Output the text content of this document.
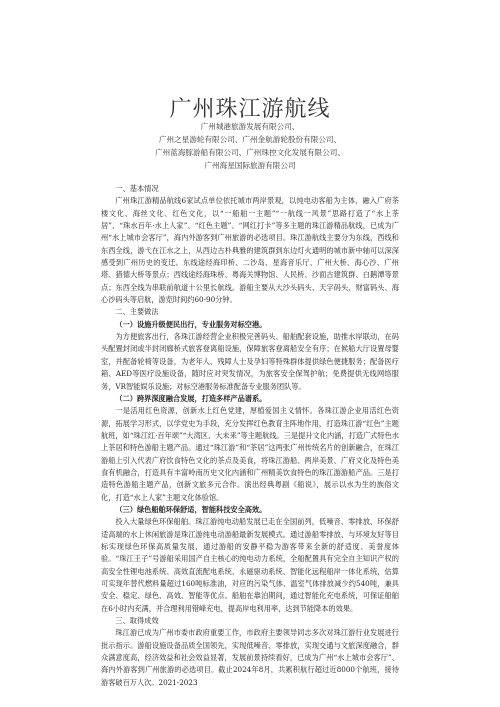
广州珠江游航线
广州城港旅游发展有限公司、
广州之星游轮有限公司、广州金航游轮股份有限公司、
广州蓝海豚游船有限公司、广州珠控文化发展有限公司、
广州海星国际旅游有限公司
一、基本情况

广州珠江游精品航线6家试点单位依托城市两岸景观，以纯电动客船为主体，融入广府茶楼文化、海丝文化、红色文化，以“一船舶一主题”“一航线一风景”思路打造了“水上茶居”、“珠水百年·水上人家”、“红色主题”、“网红打卡”等多主题的珠江游精品航线，已成为广州“水上城市会客厅”，海内外游客到广州旅游的必选项目。珠江游航线主要分为东线，西线和东西全线，游弋在江水之上，从西边古朴典雅的建筑群到东边灯火通明的城市新中轴可以深深感受到广州历史的变迁。东线途经海印桥、二沙岛、星海音乐厅、广州大桥、海心沙、广州塔、猎德大桥等景点；西线途经海珠桥、粤海关博物馆、人民桥、沙面古建筑群、白鹅潭等景点；东西全线为串联前航道十公里长航线。游船主要从大沙头码头、天字码头、财富码头、海心沙码头等启航，游览时间约60-90分钟。

二、主要做法
（一）设施升级便民出行，专业服务对标空港。

为方便旅客出行，各珠江游经营企业积极完善码头、船舶配套设施，助推水岸联动，在码头配置封闭或半封闭廊桥式旅客登离船设施，保障旅客登离船安全有序；在候船大厅设置母婴室，并配备轮椅等设备，为老年人、残障人士及孕妇等特殊群体提供绿色便捷服务；配备医疗箱、AED等医疗设施设备，随时应对突发情况，为旅客安全保驾护航；免费提供无线网络服务，VR智能娱乐设施；对标空港服务标准配备专业服务团队等。

（二）跨界深度融合发展，打造多样产品谱系。

一是活用红色资源，创新水上红色党建，厚植爱国主义情怀。各珠江游企业用活红色资源，拓展学习形式，以学党史为手段，充分发挥红色教育主阵地作用，打造珠江游“红色”主题航班，如“珠江红·百年颂”“大湾区、大未来”等主题航线。三是提升文化内涵，打造广式特色水上茶居和特色游船主题产品。通过“珠江游”和“茶居”这两张广州传统名片的创新融合，在珠江游船上引入代表广府饮食特色文化的茶点及美食，将珠江游船、两岸美景、广府文化及特色美食有机融合，打造具有丰富岭南历史文化内涵和广州精美饮食特色的珠江游游船产品。三是打造特色游船主题产品，创新文旅多元合作。演出经典粤剧《船说》，展示以水为生的族俗文化，打造“水上人家”主题文化体验馆。

（三）绿色船舶环保舒适，智能科技安全高效。

投入大量绿色环保船舶。珠江游纯电动船发展已走在全国前列，低噪音、零排放、环保舒适高端的水上休闲旅游是珠江游纯电动游船最新发展模式。通过游船零排放、与环境友好等目标实现绿色环保高质量发展，通过游船的安静平稳为游客带来全新的舒适度、美誉度体验。“珠江王子”号游船采用国产自主核心的纯电动力系统，全船配置具有完全自主知识产权的高安全性锂电池系统、高效直流配电系统、永磁驱动系统、智能化远程船岸一体化系统，估算可实现年替代燃料量超过160吨标准油，对应的污染气体、温室气体排放减少约540吨，兼具安全、稳定、绿色、高效、智能等优点。船舶在靠泊期间，通过智能化充电系统，可保证船舶在6小时内充满，并合理利用错峰充电，提高岸电利用率，达到节能降本的效果。

三、取得成效

珠江游已成为广州市委市政府重要工作，市政府主要领导同志多次对珠江游行业发展进行批示指示。游船设施设备品质全国领先，实现低噪音、零排放，实现交通与文旅深度融合，群众满意度高，经济效益和社会效益显著，发展前景持续看好，已成为广州“水上城市会客厅”、海内外游客到广州旅游的必选项目。截止2024年8月，共累积航行超过近8000个航班，接待游客破百万人次。2021-2023
